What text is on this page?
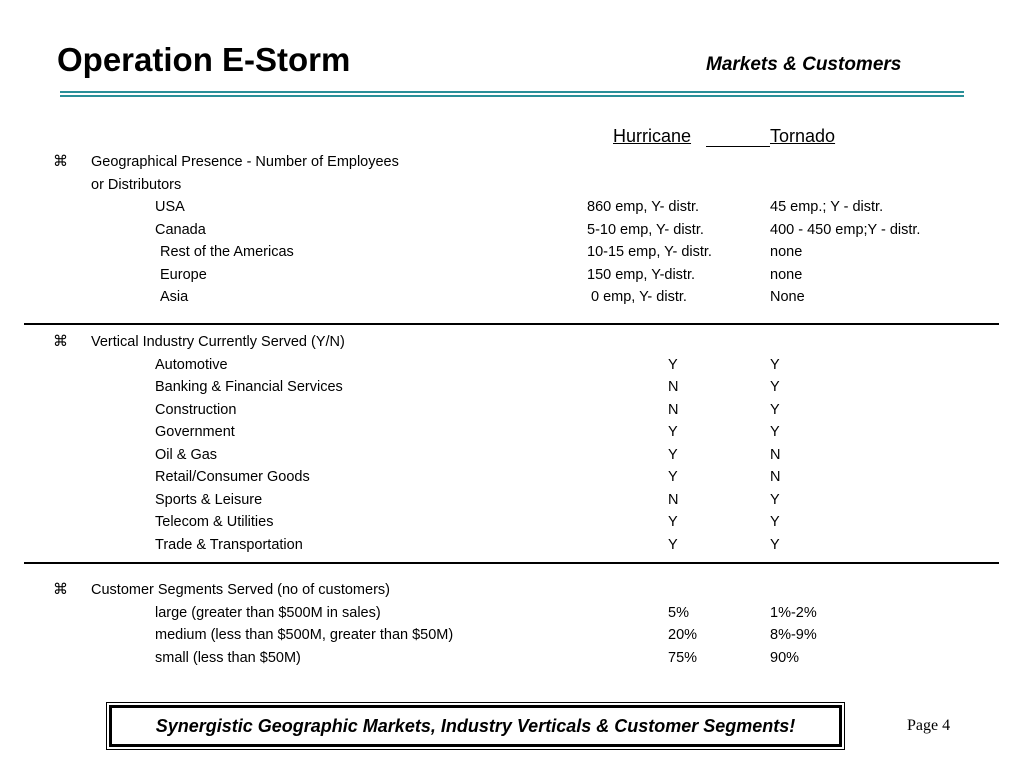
Operation E-Storm	Markets & Customers
Hurricane	Tornado
⌘ Geographical Presence - Number of Employees
or Distributors
USA	860 emp, Y- distr.	45 emp.; Y - distr.
Canada	5-10 emp, Y- distr.	400 - 450 emp;Y - distr.
Rest of the Americas	10-15 emp, Y- distr.	none
Europe	150 emp, Y-distr.	none
Asia	0 emp, Y- distr.	None
⌘ Vertical Industry Currently Served (Y/N)
Automotive	Y	Y
Banking & Financial Services	N	Y
Construction	N	Y
Government	Y	Y
Oil & Gas	Y	N
Retail/Consumer Goods	Y	N
Sports & Leisure	N	Y
Telecom & Utilities	Y	Y
Trade & Transportation	Y	Y
⌘ Customer Segments Served (no of customers)
large (greater than $500M in sales)	5%	1%-2%
medium (less than $500M, greater than $50M)	20%	8%-9%
small (less than $50M)	75%	90%
Synergistic Geographic Markets, Industry Verticals & Customer Segments!	Page 4
